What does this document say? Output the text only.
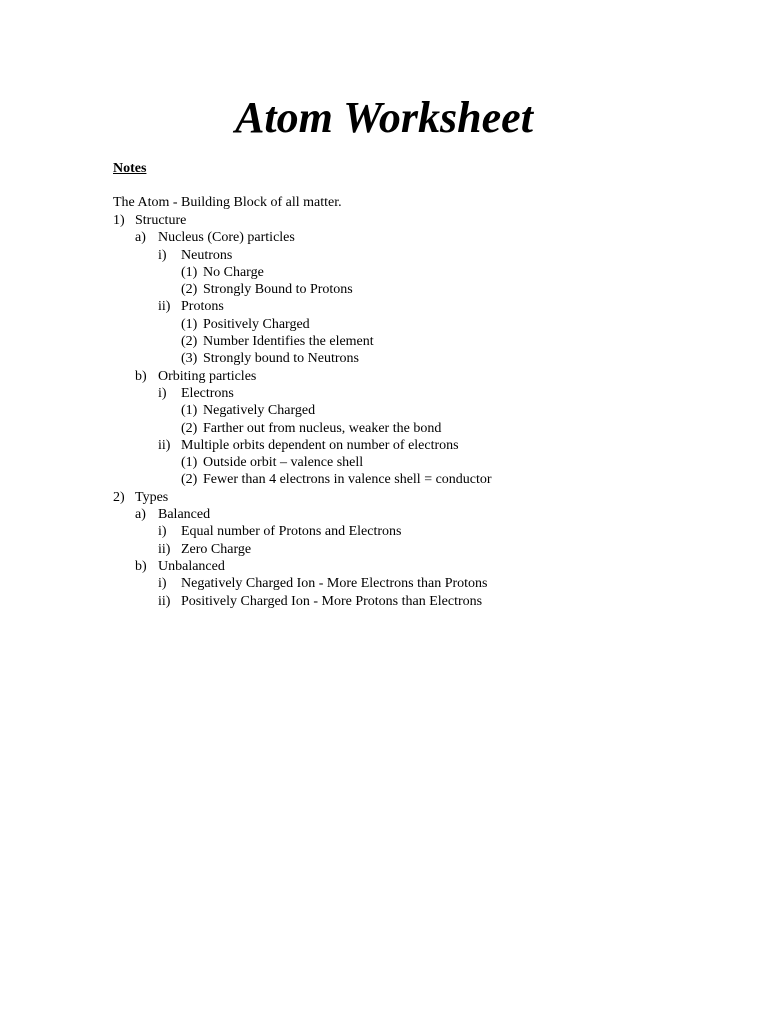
Atom Worksheet
Notes
The Atom - Building Block of all matter.
1) Structure
a) Nucleus (Core) particles
i) Neutrons
(1) No Charge
(2) Strongly Bound to Protons
ii) Protons
(1) Positively Charged
(2) Number Identifies the element
(3) Strongly bound to Neutrons
b) Orbiting particles
i) Electrons
(1) Negatively Charged
(2) Farther out from nucleus, weaker the bond
ii) Multiple orbits dependent on number of electrons
(1) Outside orbit – valence shell
(2) Fewer than 4 electrons in valence shell = conductor
2) Types
a) Balanced
i) Equal number of Protons and Electrons
ii) Zero Charge
b) Unbalanced
i) Negatively Charged Ion - More Electrons than Protons
ii) Positively Charged Ion - More Protons than Electrons
